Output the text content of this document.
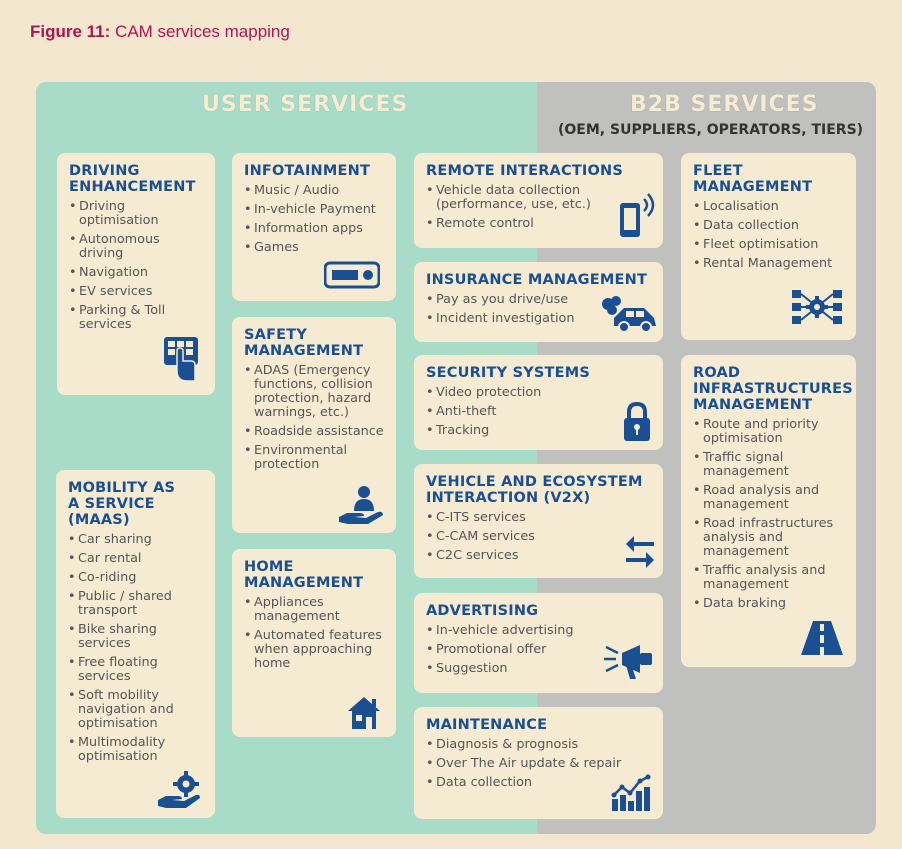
Figure 11: CAM services mapping
USER SERVICES	B2B SERVICES
(OEM, SUPPLIERS, OPERATORS, TIERS)
DRIVING
ENHANCEMENT
• Driving optimisation
• Autonomous driving
• Navigation
• EV services
• Parking & Toll services
MOBILITY AS
A SERVICE
(MAAS)
• Car sharing
• Car rental
• Co-riding
• Public / shared transport
• Bike sharing services
• Free floating services
• Soft mobility navigation and optimisation
• Multimodality optimisation
INFOTAINMENT
• Music / Audio
• In-vehicle Payment
• Information apps
• Games
SAFETY
MANAGEMENT
• ADAS (Emergency functions, collision protection, hazard warnings, etc.)
• Roadside assistance
• Environmental protection
HOME
MANAGEMENT
• Appliances management
• Automated features when approaching home
REMOTE INTERACTIONS
• Vehicle data collection (performance, use, etc.)
• Remote control
INSURANCE MANAGEMENT
• Pay as you drive/use
• Incident investigation
SECURITY SYSTEMS
• Video protection
• Anti-theft
• Tracking
VEHICLE AND ECOSYSTEM
INTERACTION (V2X)
• C-ITS services
• C-CAM services
• C2C services
ADVERTISING
• In-vehicle advertising
• Promotional offer
• Suggestion
MAINTENANCE
• Diagnosis & prognosis
• Over The Air update & repair
• Data collection
FLEET
MANAGEMENT
• Localisation
• Data collection
• Fleet optimisation
• Rental Management
ROAD
INFRASTRUCTURES
MANAGEMENT
• Route and priority optimisation
• Traffic signal management
• Road analysis and management
• Road infrastructures analysis and management
• Traffic analysis and management
• Data braking
